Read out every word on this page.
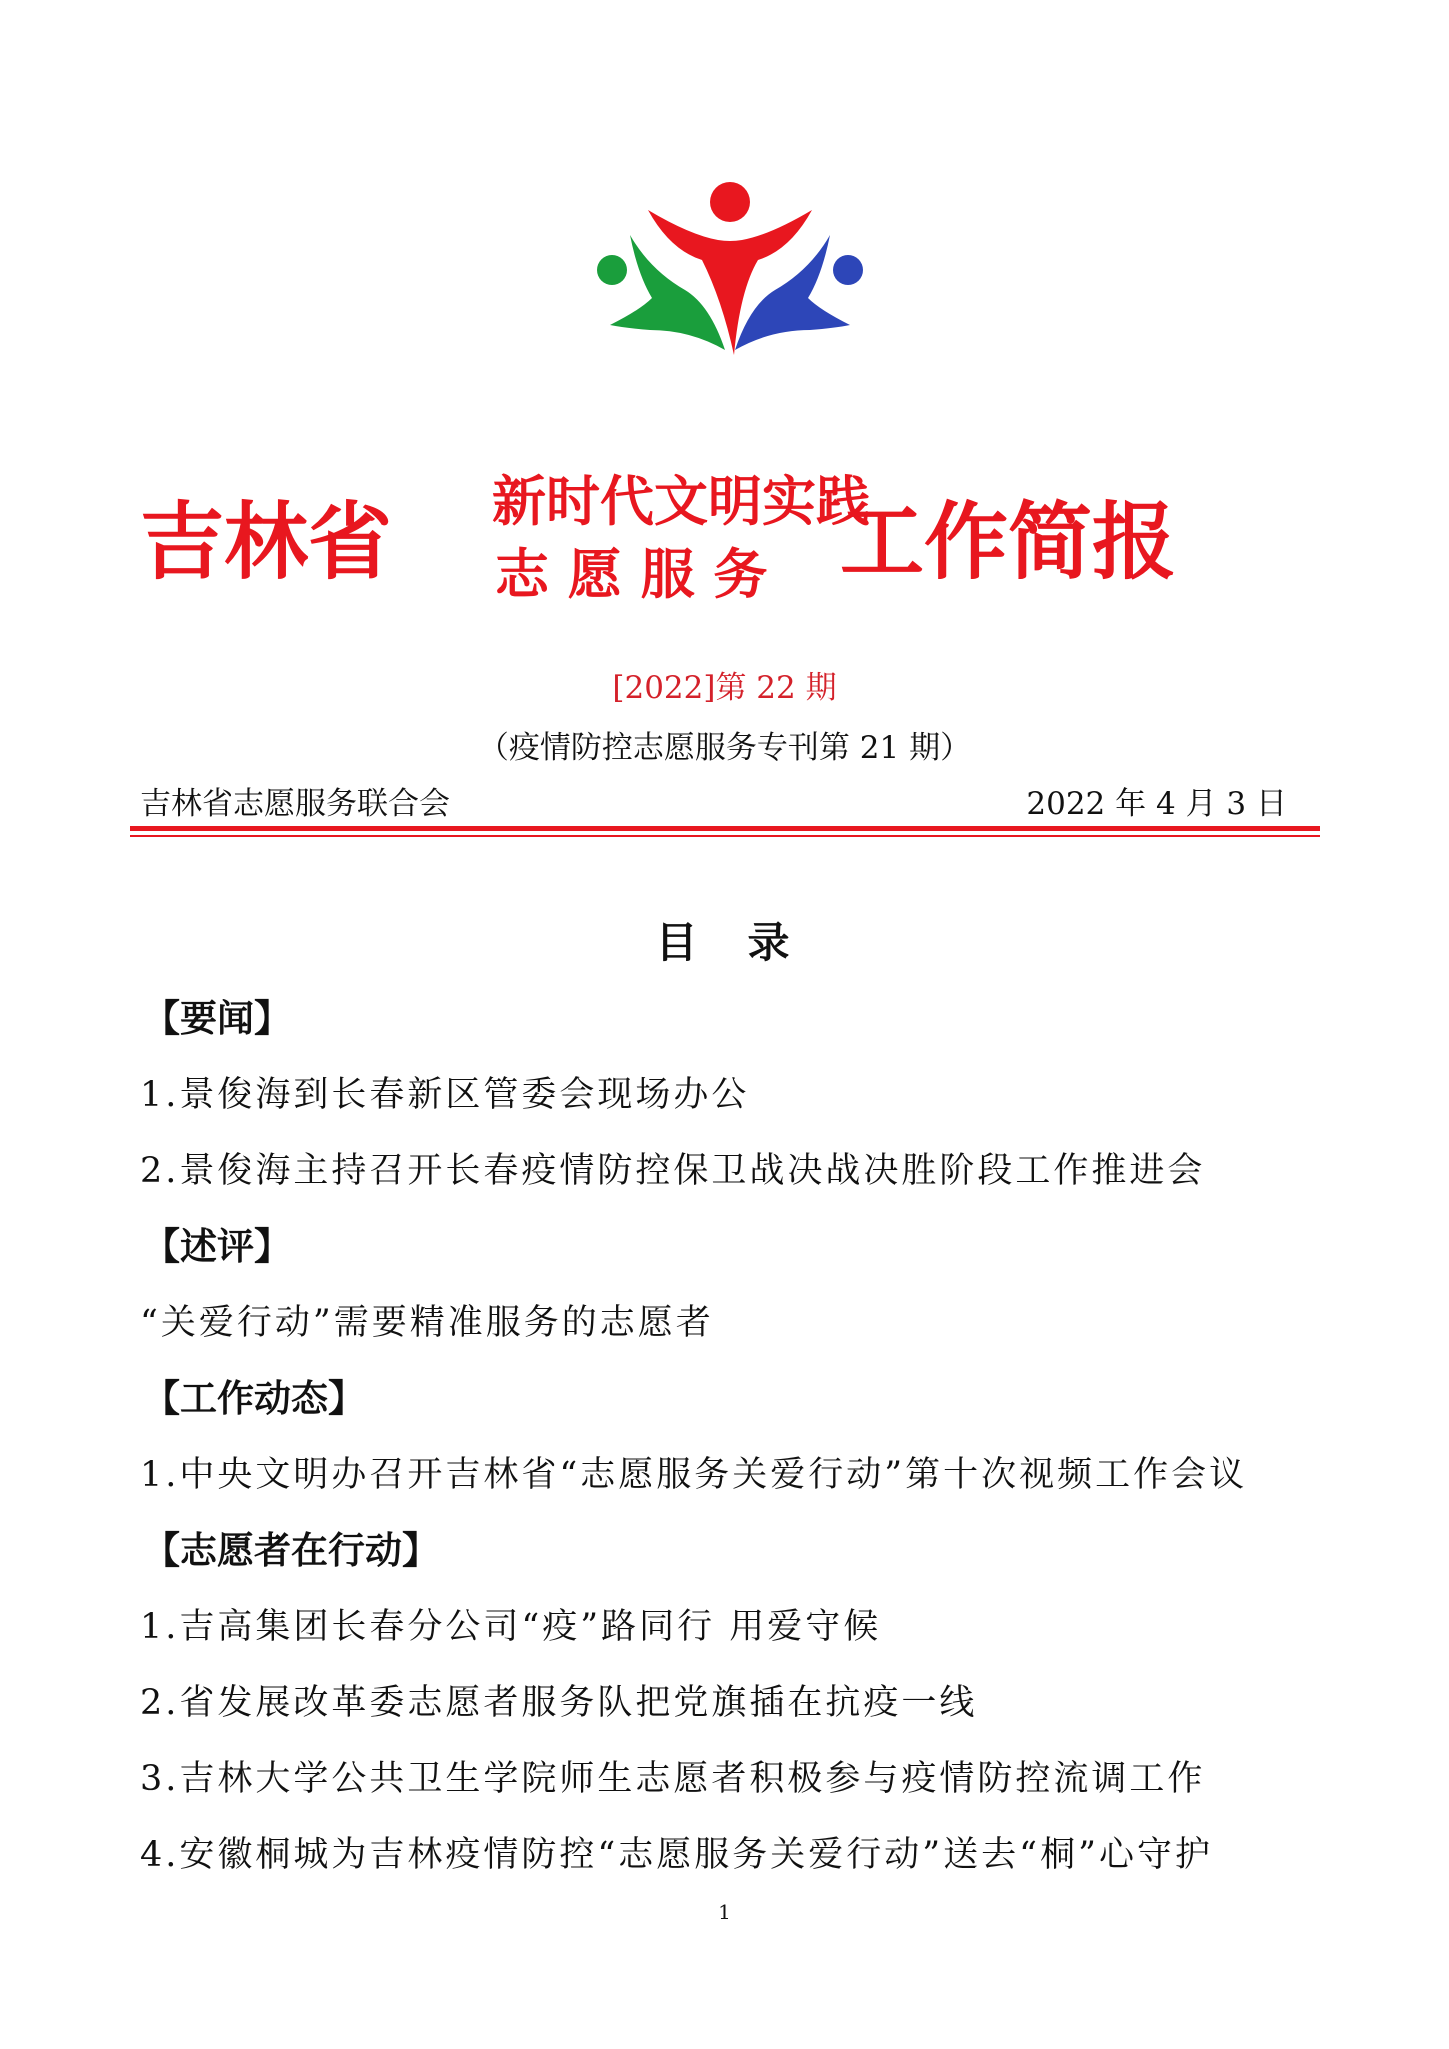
吉林省 新时代文明实践
志 愿 服 务 工作简报
[2022]第 22 期
（疫情防控志愿服务专刊第 21 期）
吉林省志愿服务联合会	2022 年 4 月 3 日
目　录
【要闻】
1.景俊海到长春新区管委会现场办公
2.景俊海主持召开长春疫情防控保卫战决战决胜阶段工作推进会
【述评】
“关爱行动”需要精准服务的志愿者
【工作动态】
1.中央文明办召开吉林省“志愿服务关爱行动”第十次视频工作会议
【志愿者在行动】
1.吉高集团长春分公司“疫”路同行 用爱守候
2.省发展改革委志愿者服务队把党旗插在抗疫一线
3.吉林大学公共卫生学院师生志愿者积极参与疫情防控流调工作
4.安徽桐城为吉林疫情防控“志愿服务关爱行动”送去“桐”心守护
1
